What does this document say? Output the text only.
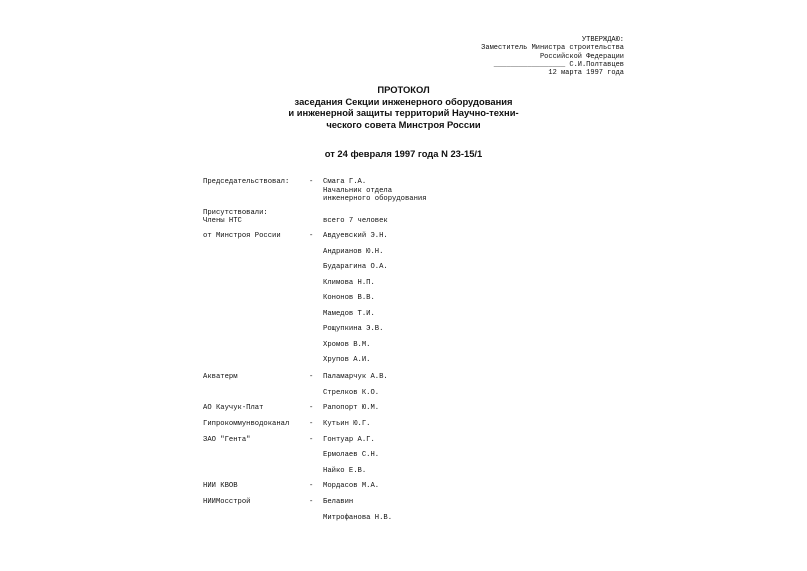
УТВЕРЖДАЮ:
Заместитель Министра строительства
Российской Федерации
_________________ С.И.Полтавцев
12 марта 1997 года
ПРОТОКОЛ
заседания Секции инженерного оборудования
и инженерной защиты территорий Научно-техни-
ческого совета Минстроя России
от 24 февраля 1997 года N 23-15/1
Председательствовал:	- Смага Г.А.
Начальник отдела
инженерного оборудования
Присутствовали:
Члены НТС	всего 7 человек
от Минстроя России	- Авдуевский Э.Н.
Андрианов Ю.Н.
Бударагина О.А.
Климова Н.П.
Кононов В.В.
Мамедов Т.И.
Рощупкина Э.В.
Хромов В.М.
Хрупов А.И.
Акватерм	- Паламарчук А.В.
Стрелков К.О.
АО Каучук-Плат	- Рапопорт Ю.М.
Гипрокоммунводоканал	- Кутьин Ю.Г.
ЗАО "Гента"	- Гонтуар А.Г.
Ермолаев С.Н.
Найко Е.В.
НИИ КВОВ	- Мордасов М.А.
НИИМосстрой	- Белавин
Митрофанова Н.В.
